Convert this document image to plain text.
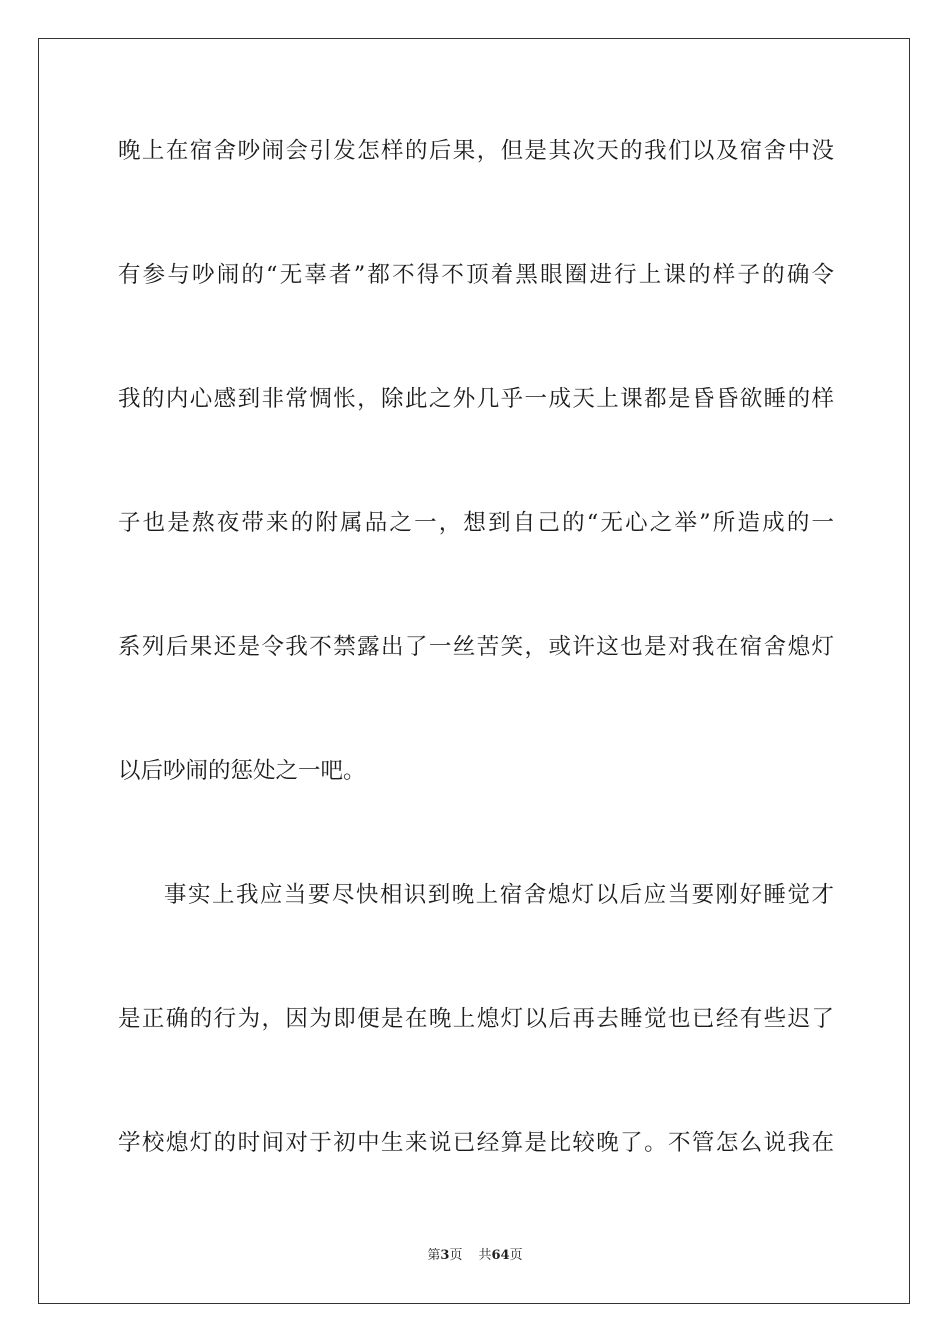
晚上在宿舍吵闹会引发怎样的后果，但是其次天的我们以及宿舍中没
有参与吵闹的“无辜者”都不得不顶着黑眼圈进行上课的样子的确令
我的内心感到非常惆怅，除此之外几乎一成天上课都是昏昏欲睡的样
子也是熬夜带来的附属品之一，想到自己的“无心之举”所造成的一
系列后果还是令我不禁露出了一丝苦笑，或许这也是对我在宿舍熄灯
以后吵闹的惩处之一吧。
事实上我应当要尽快相识到晚上宿舍熄灯以后应当要刚好睡觉才
是正确的行为，因为即便是在晚上熄灯以后再去睡觉也已经有些迟了
学校熄灯的时间对于初中生来说已经算是比较晚了。不管怎么说我在
第3页 共64页
